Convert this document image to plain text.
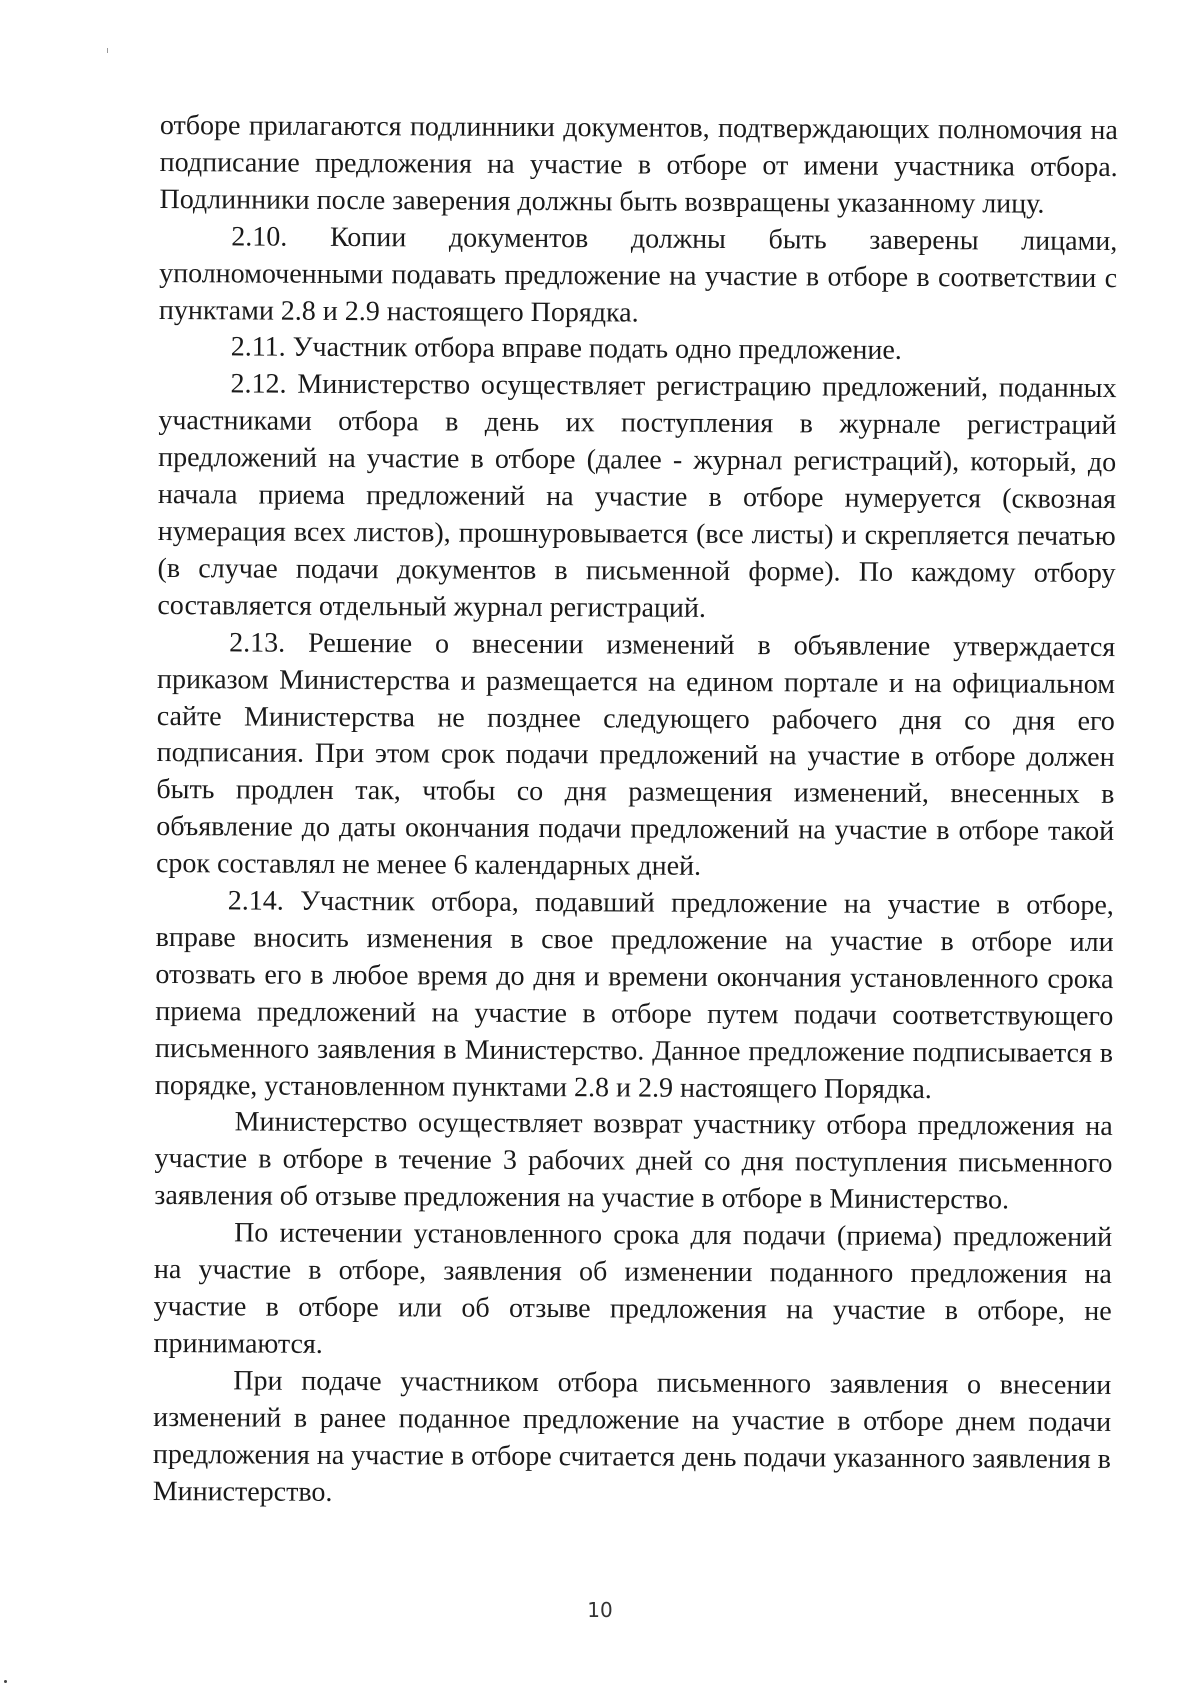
отборе прилагаются подлинники документов, подтверждающих полномочия на подписание предложения на участие в отборе от имени участника отбора. Подлинники после заверения должны быть возвращены указанному лицу.

2.10. Копии документов должны быть заверены лицами, уполномоченными подавать предложение на участие в отборе в соответствии с пунктами 2.8 и 2.9 настоящего Порядка.

2.11. Участник отбора вправе подать одно предложение.

2.12. Министерство осуществляет регистрацию предложений, поданных участниками отбора в день их поступления в журнале регистраций предложений на участие в отборе (далее - журнал регистраций), который, до начала приема предложений на участие в отборе нумеруется (сквозная нумерация всех листов), прошнуровывается (все листы) и скрепляется печатью (в случае подачи документов в письменной форме). По каждому отбору составляется отдельный журнал регистраций.

2.13. Решение о внесении изменений в объявление утверждается приказом Министерства и размещается на едином портале и на официальном сайте Министерства не позднее следующего рабочего дня со дня его подписания. При этом срок подачи предложений на участие в отборе должен быть продлен так, чтобы со дня размещения изменений, внесенных в объявление до даты окончания подачи предложений на участие в отборе такой срок составлял не менее 6 календарных дней.

2.14. Участник отбора, подавший предложение на участие в отборе, вправе вносить изменения в свое предложение на участие в отборе или отозвать его в любое время до дня и времени окончания установленного срока приема предложений на участие в отборе путем подачи соответствующего письменного заявления в Министерство. Данное предложение подписывается в порядке, установленном пунктами 2.8 и 2.9 настоящего Порядка.

Министерство осуществляет возврат участнику отбора предложения на участие в отборе в течение 3 рабочих дней со дня поступления письменного заявления об отзыве предложения на участие в отборе в Министерство.

По истечении установленного срока для подачи (приема) предложений на участие в отборе, заявления об изменении поданного предложения на участие в отборе или об отзыве предложения на участие в отборе, не принимаются.

При подаче участником отбора письменного заявления о внесении изменений в ранее поданное предложение на участие в отборе днем подачи предложения на участие в отборе считается день подачи указанного заявления в Министерство.

10
